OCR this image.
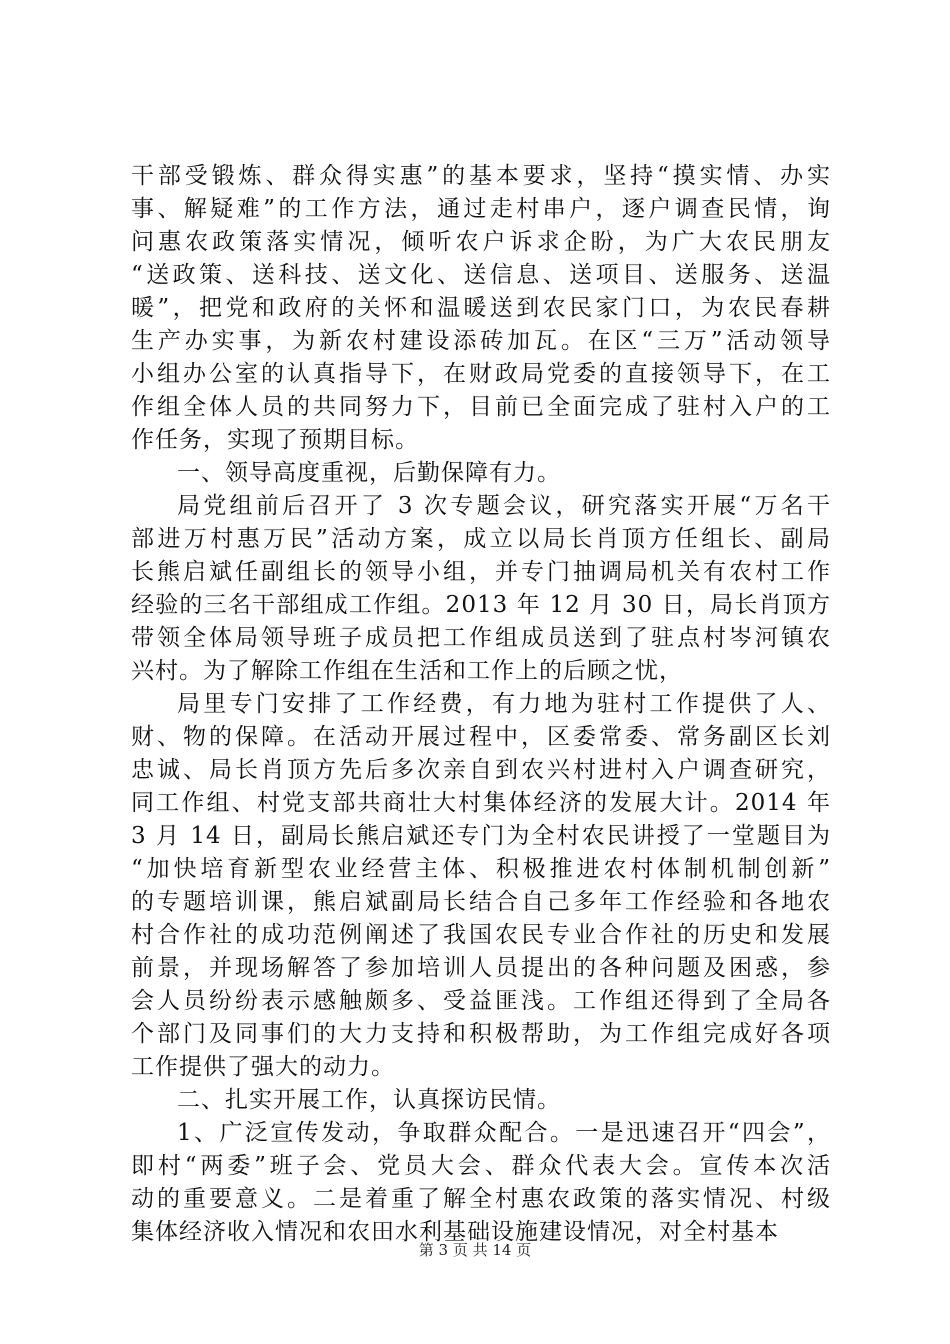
干部受锻炼、群众得实惠”的基本要求，坚持“摸实情、办实
事、解疑难”的工作方法，通过走村串户，逐户调查民情，询
问惠农政策落实情况，倾听农户诉求企盼，为广大农民朋友
“送政策、送科技、送文化、送信息、送项目、送服务、送温
暖”，把党和政府的关怀和温暖送到农民家门口，为农民春耕
生产办实事，为新农村建设添砖加瓦。在区“三万”活动领导
小组办公室的认真指导下，在财政局党委的直接领导下，在工
作组全体人员的共同努力下，目前已全面完成了驻村入户的工
作任务，实现了预期目标。
一、领导高度重视，后勤保障有力。
局党组前后召开了 3 次专题会议，研究落实开展“万名干
部进万村惠万民”活动方案，成立以局长肖顶方任组长、副局
长熊启斌任副组长的领导小组，并专门抽调局机关有农村工作
经验的三名干部组成工作组。2013 年 12 月 30 日，局长肖顶方
带领全体局领导班子成员把工作组成员送到了驻点村岑河镇农
兴村。为了解除工作组在生活和工作上的后顾之忧，
局里专门安排了工作经费，有力地为驻村工作提供了人、
财、物的保障。在活动开展过程中，区委常委、常务副区长刘
忠诚、局长肖顶方先后多次亲自到农兴村进村入户调查研究，
同工作组、村党支部共商壮大村集体经济的发展大计。2014 年
3 月 14 日，副局长熊启斌还专门为全村农民讲授了一堂题目为
“加快培育新型农业经营主体、积极推进农村体制机制创新”
的专题培训课，熊启斌副局长结合自己多年工作经验和各地农
村合作社的成功范例阐述了我国农民专业合作社的历史和发展
前景，并现场解答了参加培训人员提出的各种问题及困惑，参
会人员纷纷表示感触颇多、受益匪浅。工作组还得到了全局各
个部门及同事们的大力支持和积极帮助，为工作组完成好各项
工作提供了强大的动力。
二、扎实开展工作，认真探访民情。
1、广泛宣传发动，争取群众配合。一是迅速召开“四会”，
即村“两委”班子会、党员大会、群众代表大会。宣传本次活
动的重要意义。二是着重了解全村惠农政策的落实情况、村级
集体经济收入情况和农田水利基础设施建设情况，对全村基本
第 3 页 共 14 页
